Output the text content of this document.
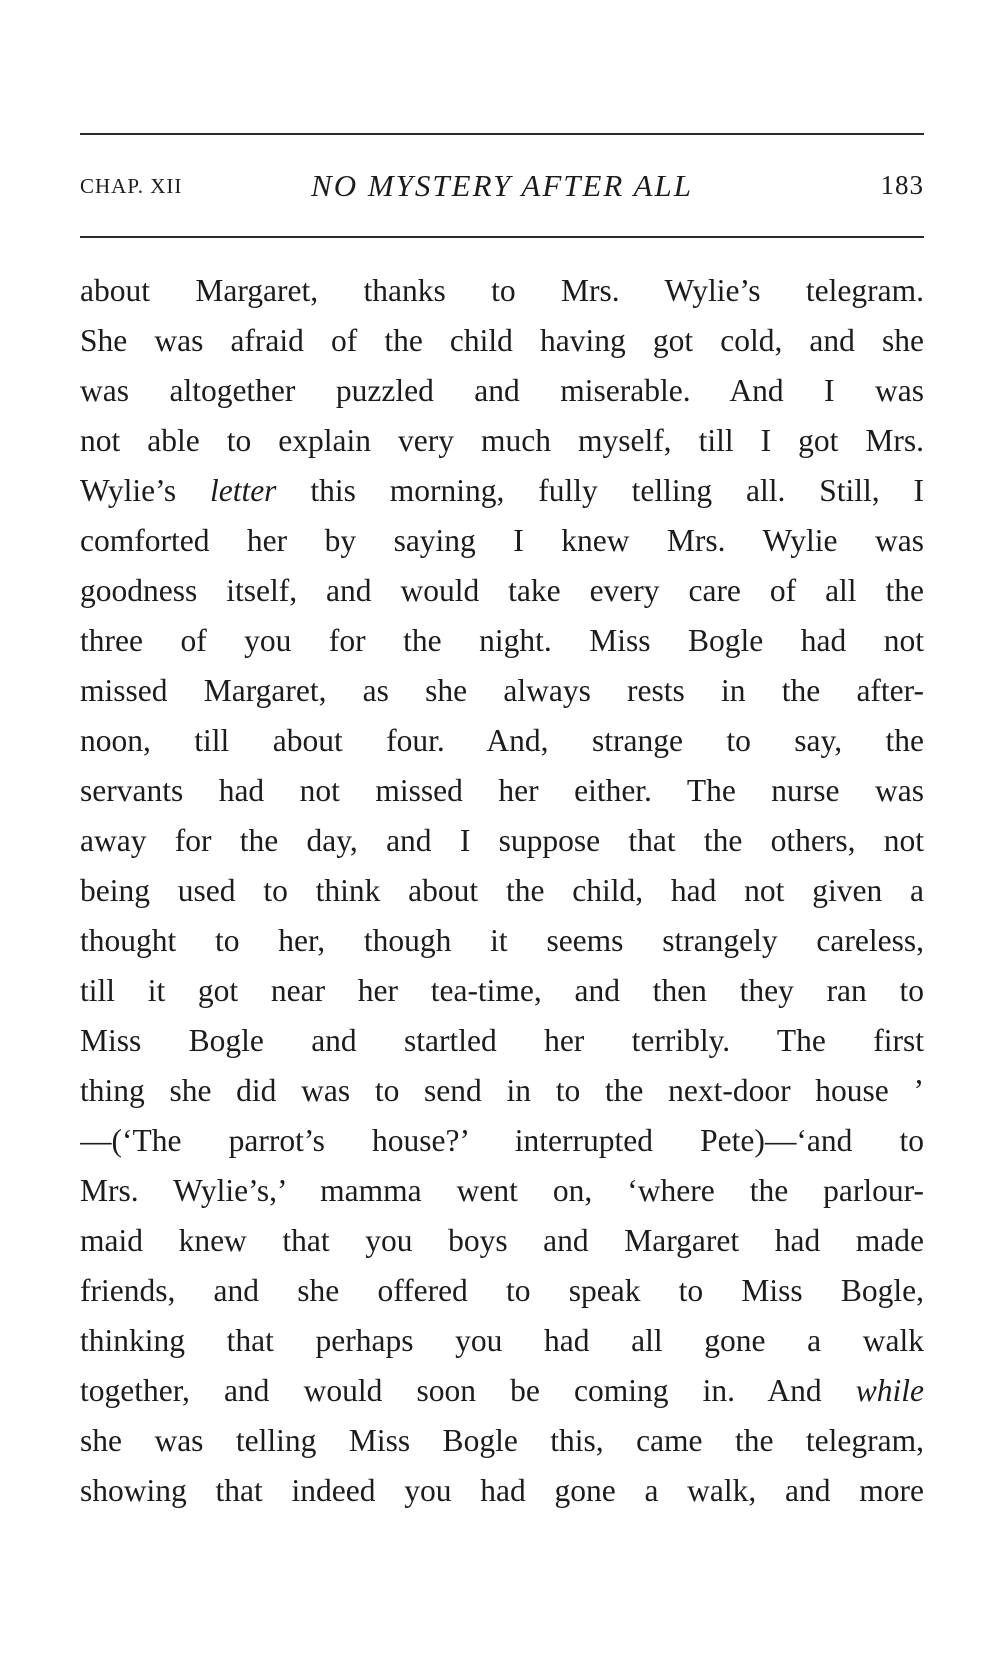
CHAP. XII	NO MYSTERY AFTER ALL	183
about Margaret, thanks to Mrs. Wylie’s telegram.
She was afraid of the child having got cold, and she
was altogether puzzled and miserable. And I was
not able to explain very much myself, till I got Mrs.
Wylie’s letter this morning, fully telling all. Still, I
comforted her by saying I knew Mrs. Wylie was
goodness itself, and would take every care of all the
three of you for the night. Miss Bogle had not
missed Margaret, as she always rests in the after-
noon, till about four. And, strange to say, the
servants had not missed her either. The nurse was
away for the day, and I suppose that the others, not
being used to think about the child, had not given a
thought to her, though it seems strangely careless,
till it got near her tea-time, and then they ran to
Miss Bogle and startled her terribly. The first
thing she did was to send in to the next-door house ’
—(‘The parrot’s house?’ interrupted Pete)—‘and to
Mrs. Wylie’s,’ mamma went on, ‘where the parlour-
maid knew that you boys and Margaret had made
friends, and she offered to speak to Miss Bogle,
thinking that perhaps you had all gone a walk
together, and would soon be coming in. And while
she was telling Miss Bogle this, came the telegram,
showing that indeed you had gone a walk, and more
